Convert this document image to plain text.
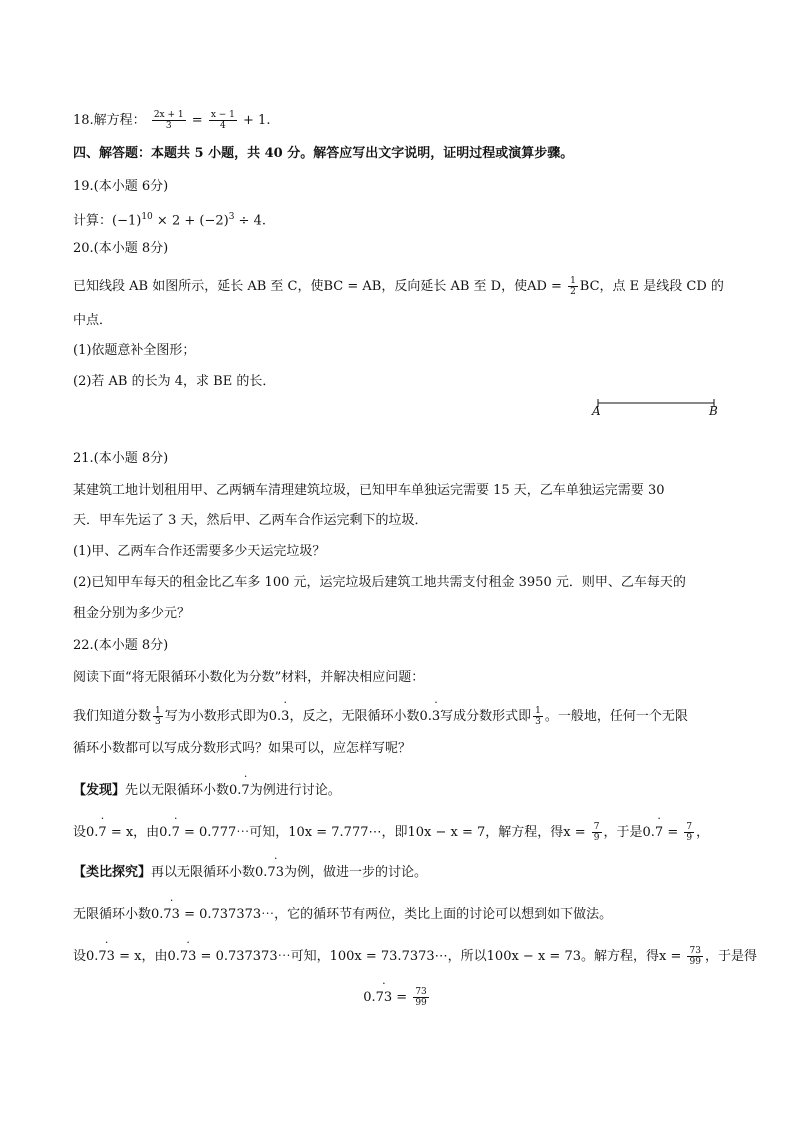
18.解方程： $\frac{2x + 1}{3} = \frac{x - 1}{4} + 1$.
四、解答题：本题共 5 小题，共 40 分。解答应写出文字说明，证明过程或演算步骤。
19.(本小题 6分)
计算：$(-1)^{10} \times 2 + (-2)^3 \div 4$.
20.(本小题 8分)
已知线段 AB 如图所示，延长 AB 至 C，使BC = AB，反向延长 AB 至 D，使AD = $\frac{1}{2}$ BC，点 E 是线段 CD 的
中点．
(1)依题意补全图形；
(2)若 AB 的长为 4，求 BE 的长．
A	B
21.(本小题 8分)
某建筑工地计划租用甲、乙两辆车清理建筑垃圾，已知甲车单独运完需要 15 天，乙车单独运完需要 30
天．甲车先运了 3 天，然后甲、乙两车合作运完剩下的垃圾．
(1)甲、乙两车合作还需要多少天运完垃圾？
(2)已知甲车每天的租金比乙车多 100 元，运完垃圾后建筑工地共需支付租金 3950 元．则甲、乙车每天的
租金分别为多少元？
22.(本小题 8分)
阅读下面“将无限循环小数化为分数”材料，并解决相应问题：
我们知道分数 $\frac{1}{3}$ 写为小数形式即为0.· 3，反之，无限循环小数0.· 3写成分数形式即 $\frac{1}{3}$ 。一般地，任何一个无限
循环小数都可以写成分数形式吗？如果可以，应怎样写呢？
【发现】先以无限循环小数0.· 7为例进行讨论。
设0.· 7 = x，由0.· 7 = 0.777⋯可知，10x = 7.777⋯，即10x − x = 7，解方程，得$x = \frac{7}{9}$ ，于是$0.\cdot 7 = \frac{7}{9}$ ，
【类比探究】再以无限循环小数0.· 73为例，做进一步的讨论。
无限循环小数0.· 73 = 0.737373⋯，它的循环节有两位，类比上面的讨论可以想到如下做法。
设0.· 73 = x，由0.· 73 = 0.737373⋯可知，100x = 73.7373⋯，所以100x − x = 73。解方程，得$x = \frac{73}{99}$ ，于是得
$0.\cdot 73 = \frac{73}{99}$
